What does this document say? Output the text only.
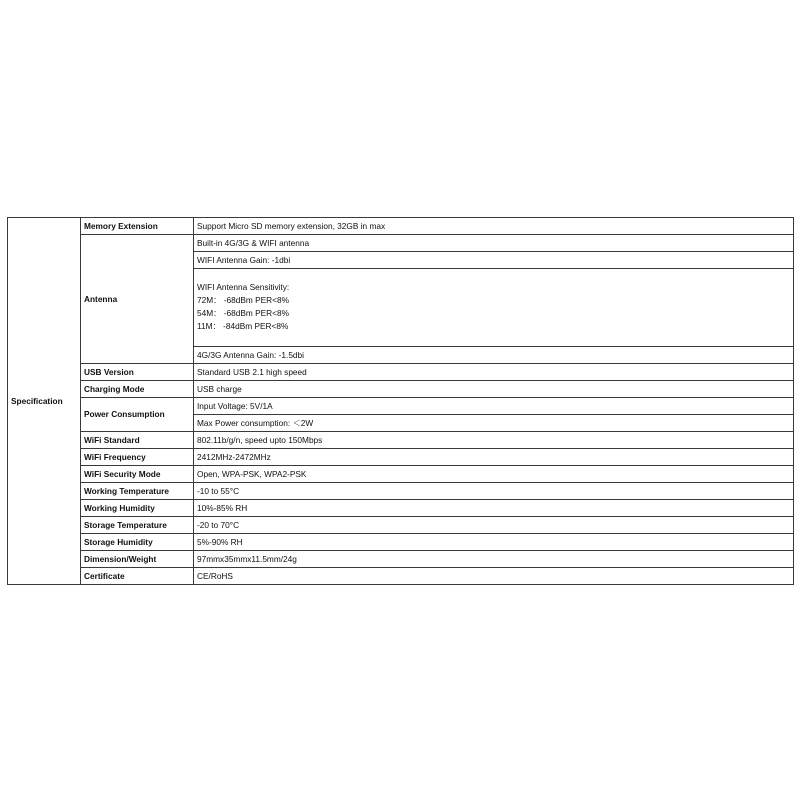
Specification	Memory Extension	Support Micro SD memory extension, 32GB in max
	Antenna	Built-in 4G/3G & WIFI antenna
		WIFI Antenna Gain: -1dbi

		WIFI Antenna Sensitivity:
72M： -68dBm PER<8%
54M： -68dBm PER<8%
11M： -84dBm PER<8%

		4G/3G Antenna Gain: -1.5dbi
	USB Version	Standard USB 2.1 high speed
	Charging Mode	USB charge
	Power Consumption	Input Voltage: 5V/1A
		Max Power consumption: ＜2W
	WiFi Standard	802.11b/g/n, speed upto 150Mbps
	WiFi Frequency	2412MHz-2472MHz
	WiFi Security Mode	Open, WPA-PSK, WPA2-PSK
	Working Temperature	-10 to 55°C
	Working Humidity	10%-85% RH
	Storage Temperature	-20 to 70°C
	Storage Humidity	5%-90% RH
	Dimension/Weight	97mmx35mmx11.5mm/24g
	Certificate	CE/RoHS
